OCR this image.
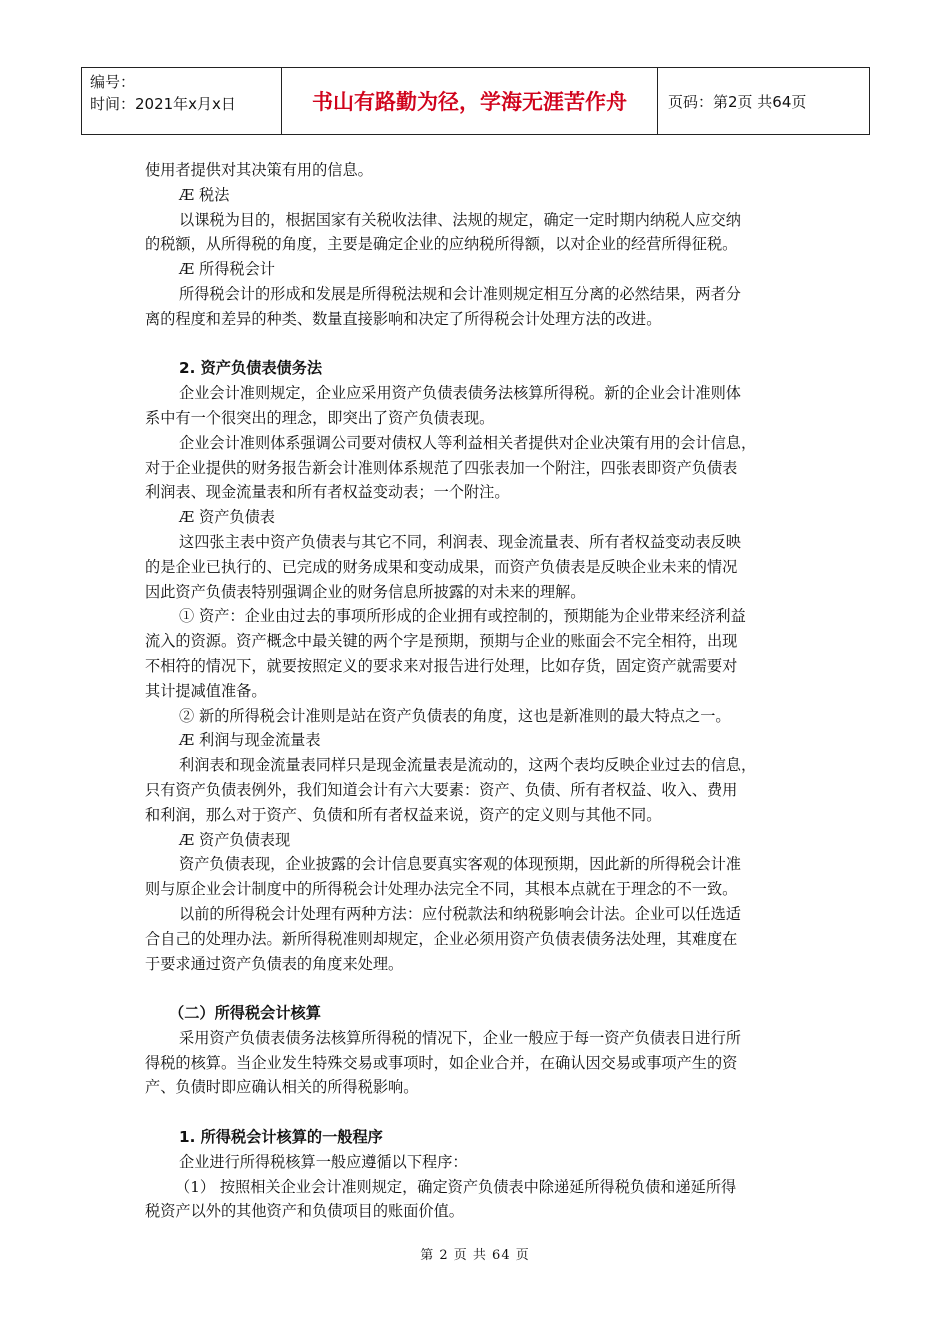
编号：
时间：2021年x月x日	书山有路勤为径，学海无涯苦作舟	页码：第2页 共64页
使用者提供对其决策有用的信息。
Æ 税法
以课税为目的，根据国家有关税收法律、法规的规定，确定一定时期内纳税人应交纳
的税额，从所得税的角度，主要是确定企业的应纳税所得额，以对企业的经营所得征税。
Æ 所得税会计
所得税会计的形成和发展是所得税法规和会计准则规定相互分离的必然结果，两者分
离的程度和差异的种类、数量直接影响和决定了所得税会计处理方法的改进。
2. 资产负债表债务法
企业会计准则规定，企业应采用资产负债表债务法核算所得税。新的企业会计准则体
系中有一个很突出的理念，即突出了资产负债表现。
企业会计准则体系强调公司要对债权人等利益相关者提供对企业决策有用的会计信息，
对于企业提供的财务报告新会计准则体系规范了四张表加一个附注，四张表即资产负债表
利润表、现金流量表和所有者权益变动表；一个附注。
Æ 资产负债表
这四张主表中资产负债表与其它不同，利润表、现金流量表、所有者权益变动表反映
的是企业已执行的、已完成的财务成果和变动成果，而资产负债表是反映企业未来的情况
因此资产负债表特别强调企业的财务信息所披露的对未来的理解。
① 资产：企业由过去的事项所形成的企业拥有或控制的，预期能为企业带来经济利益
流入的资源。资产概念中最关键的两个字是预期，预期与企业的账面会不完全相符，出现
不相符的情况下，就要按照定义的要求来对报告进行处理，比如存货，固定资产就需要对
其计提减值准备。
② 新的所得税会计准则是站在资产负债表的角度，这也是新准则的最大特点之一。
Æ 利润与现金流量表
利润表和现金流量表同样只是现金流量表是流动的，这两个表均反映企业过去的信息，
只有资产负债表例外，我们知道会计有六大要素：资产、负债、所有者权益、收入、费用
和利润，那么对于资产、负债和所有者权益来说，资产的定义则与其他不同。
Æ 资产负债表现
资产负债表现，企业披露的会计信息要真实客观的体现预期，因此新的所得税会计准
则与原企业会计制度中的所得税会计处理办法完全不同，其根本点就在于理念的不一致。
以前的所得税会计处理有两种方法：应付税款法和纳税影响会计法。企业可以任选适
合自己的处理办法。新所得税准则却规定，企业必须用资产负债表债务法处理，其难度在
于要求通过资产负债表的角度来处理。
（二）所得税会计核算
采用资产负债表债务法核算所得税的情况下，企业一般应于每一资产负债表日进行所
得税的核算。当企业发生特殊交易或事项时，如企业合并，在确认因交易或事项产生的资
产、负债时即应确认相关的所得税影响。
1. 所得税会计核算的一般程序
企业进行所得税核算一般应遵循以下程序：
（1） 按照相关企业会计准则规定，确定资产负债表中除递延所得税负债和递延所得
税资产以外的其他资产和负债项目的账面价值。
第 2 页 共 64 页
